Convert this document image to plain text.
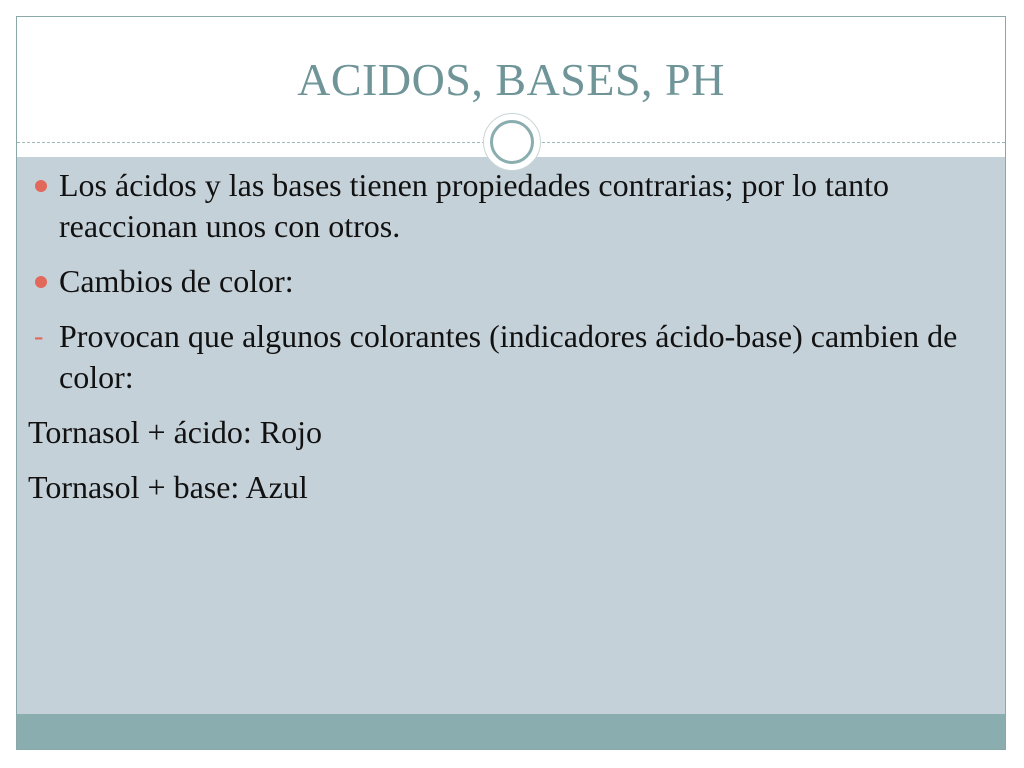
ACIDOS, BASES, PH
Los ácidos y las bases tienen propiedades contrarias; por lo tanto reaccionan unos con otros.
Cambios de color:
- Provocan que algunos colorantes (indicadores ácido-base) cambien de color:
Tornasol + ácido: Rojo
Tornasol + base: Azul
